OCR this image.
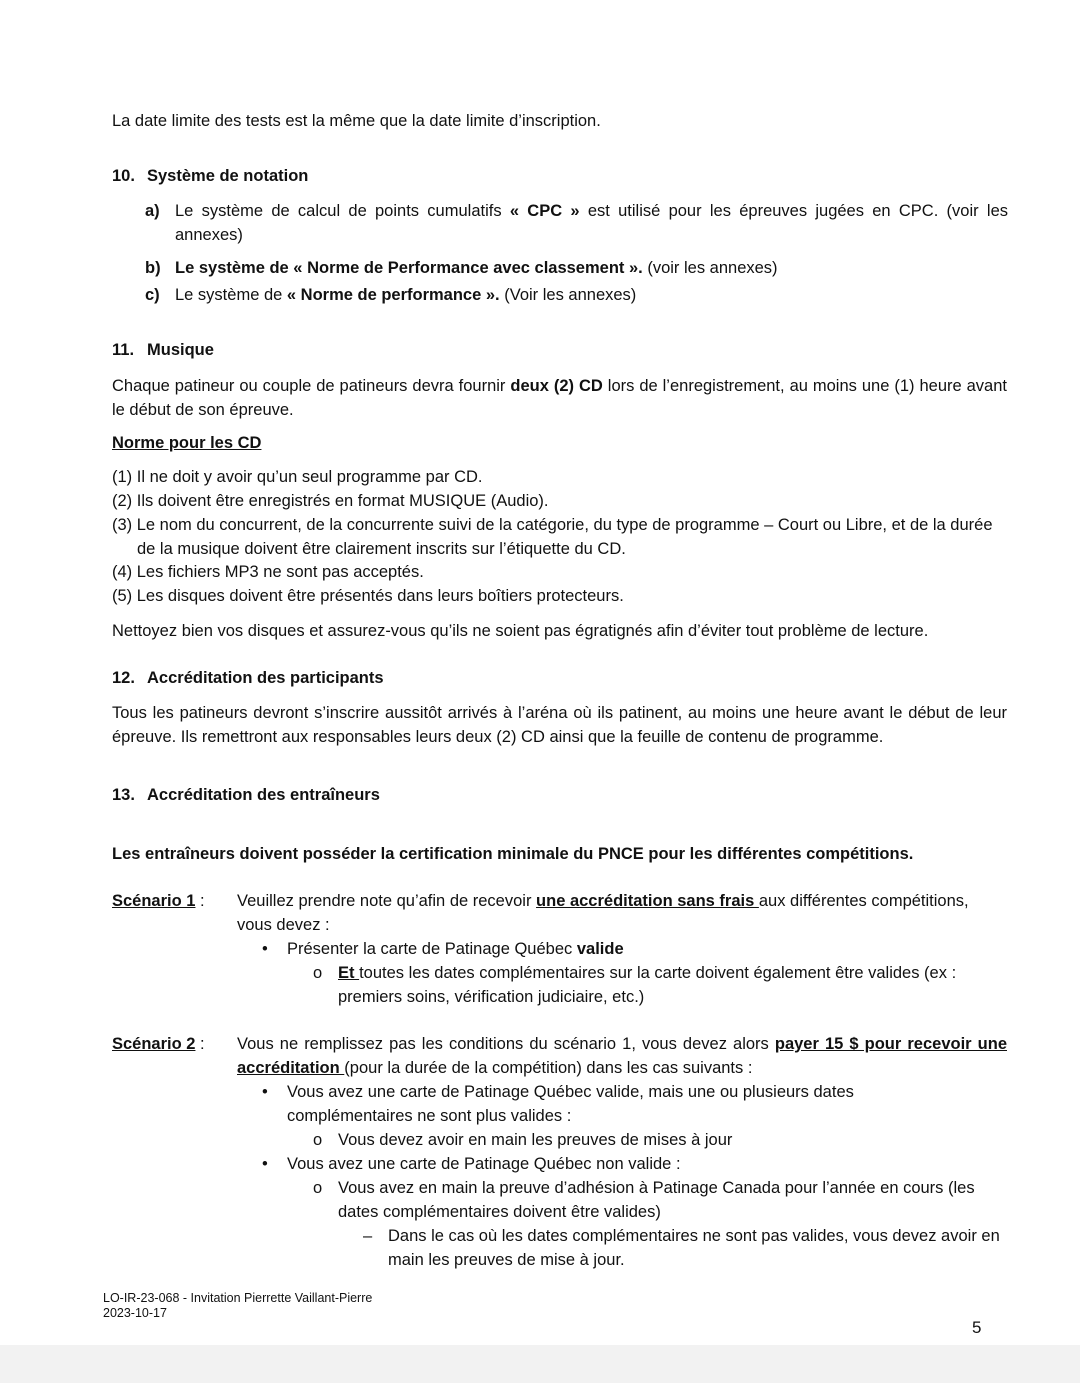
La date limite des tests est la même que la date limite d’inscription.

10. Système de notation
a) Le système de calcul de points cumulatifs « CPC » est utilisé pour les épreuves jugées en CPC. (voir les annexes)

b) Le système de « Norme de Performance avec classement ». (voir les annexes)

c) Le système de « Norme de performance ». (Voir les annexes)

11. Musique

Chaque patineur ou couple de patineurs devra fournir deux (2) CD lors de l’enregistrement, au moins une (1) heure avant le début de son épreuve.

Norme pour les CD

(1) Il ne doit y avoir qu’un seul programme par CD.

(2) Ils doivent être enregistrés en format MUSIQUE (Audio).

(3) Le nom du concurrent, de la concurrente suivi de la catégorie, du type de programme – Court ou Libre, et de la durée de la musique doivent être clairement inscrits sur l’étiquette du CD.

(4) Les fichiers MP3 ne sont pas acceptés.

(5) Les disques doivent être présentés dans leurs boîtiers protecteurs.

Nettoyez bien vos disques et assurez-vous qu’ils ne soient pas égratignés afin d’éviter tout problème de lecture.

12. Accréditation des participants

Tous les patineurs devront s’inscrire aussitôt arrivés à l’aréna où ils patinent, au moins une heure avant le début de leur épreuve. Ils remettront aux responsables leurs deux (2) CD ainsi que la feuille de contenu de programme.

13. Accréditation des entraîneurs

Les entraîneurs doivent posséder la certification minimale du PNCE pour les différentes compétitions.

Scénario 1 : Veuillez prendre note qu’afin de recevoir une accréditation sans frais aux différentes compétitions, vous devez :

• Présenter la carte de Patinage Québec valide

o Et toutes les dates complémentaires sur la carte doivent également être valides (ex : premiers soins, vérification judiciaire, etc.)

Scénario 2 : Vous ne remplissez pas les conditions du scénario 1, vous devez alors payer 15 $ pour recevoir une accréditation (pour la durée de la compétition) dans les cas suivants :

• Vous avez une carte de Patinage Québec valide, mais une ou plusieurs dates complémentaires ne sont plus valides :

o Vous devez avoir en main les preuves de mises à jour

• Vous avez une carte de Patinage Québec non valide :

o Vous avez en main la preuve d’adhésion à Patinage Canada pour l’année en cours (les dates complémentaires doivent être valides)

– Dans le cas où les dates complémentaires ne sont pas valides, vous devez avoir en main les preuves de mise à jour.

LO-IR-23-068 - Invitation Pierrette Vaillant-Pierre
2023-10-17
5
